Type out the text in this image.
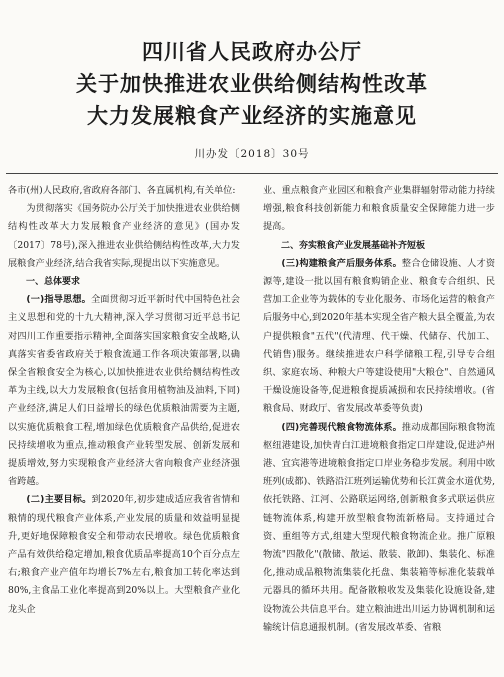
四川省人民政府办公厅
关于加快推进农业供给侧结构性改革
大力发展粮食产业经济的实施意见
川办发〔2018〕30号

各市(州)人民政府,省政府各部门、各直属机构,有关单位:

为贯彻落实《国务院办公厅关于加快推进农业供给侧结构性改革大力发展粮食产业经济的意见》(国办发〔2017〕78号),深入推进农业供给侧结构性改革,大力发展粮食产业经济,结合我省实际,现提出以下实施意见。

一、总体要求

(一)指导思想。全面贯彻习近平新时代中国特色社会主义思想和党的十九大精神,深入学习贯彻习近平总书记对四川工作重要指示精神,全面落实国家粮食安全战略,认真落实省委省政府关于粮食流通工作各项决策部署,以确保全省粮食安全为核心,以加快推进农业供给侧结构性改革为主线,以大力发展粮食(包括食用植物油及油料,下同)产业经济,满足人们日益增长的绿色优质粮油需要为主题,以实施优质粮食工程,增加绿色优质粮食产品供给,促进农民持续增收为重点,推动粮食产业转型发展、创新发展和提质增效,努力实现粮食产业经济大省向粮食产业经济强省跨越。

(二)主要目标。到2020年,初步建成适应我省省情和粮情的现代粮食产业体系,产业发展的质量和效益明显提升,更好地保障粮食安全和带动农民增收。绿色优质粮食产品有效供给稳定增加,粮食优质品率提高10个百分点左右;粮食产业产值年均增长7%左右,粮食加工转化率达到80%,主食品工业化率提高到20%以上。大型粮食产业化龙头企

业、重点粮食产业园区和粮食产业集群辐射带动能力持续增强,粮食科技创新能力和粮食质量安全保障能力进一步提高。

二、夯实粮食产业发展基础补齐短板

(三)构建粮食产后服务体系。整合仓储设施、人才资源等,建设一批以国有粮食购销企业、粮食专合组织、民营加工企业等为载体的专业化服务、市场化运营的粮食产后服务中心,到2020年基本实现全省产粮大县全覆盖,为农户提供粮食"五代"(代清理、代干燥、代储存、代加工、代销售)服务。继续推进农户科学储粮工程,引导专合组织、家庭农场、种粮大户等建设使用"大粮仓"、自然通风干燥设施设备等,促进粮食提质减损和农民持续增收。(省粮食局、财政厅、省发展改革委等负责)

(四)完善现代粮食物流体系。推动成都国际粮食物流枢纽港建设,加快青白江进境粮食指定口岸建设,促进泸州港、宜宾港等进境粮食指定口岸业务稳步发展。利用中欧班列(成都)、铁路沿江班列运输优势和长江黄金水道优势,依托铁路、江河、公路联运网络,创新粮食多式联运供应链物流体系,构建开放型粮食物流新格局。支持通过合资、重组等方式,组建大型现代粮食物流企业。推广原粮物流"四散化"(散储、散运、散装、散卸)、集装化、标准化,推动成品粮物流集装化托盘、集装箱等标准化装载单元器具的循环共用。配备散粮收发及集装化设施设备,建设物流公共信息平台。建立粮油进出川运力协调机制和运输统计信息通报机制。(省发展改革委、省粮
